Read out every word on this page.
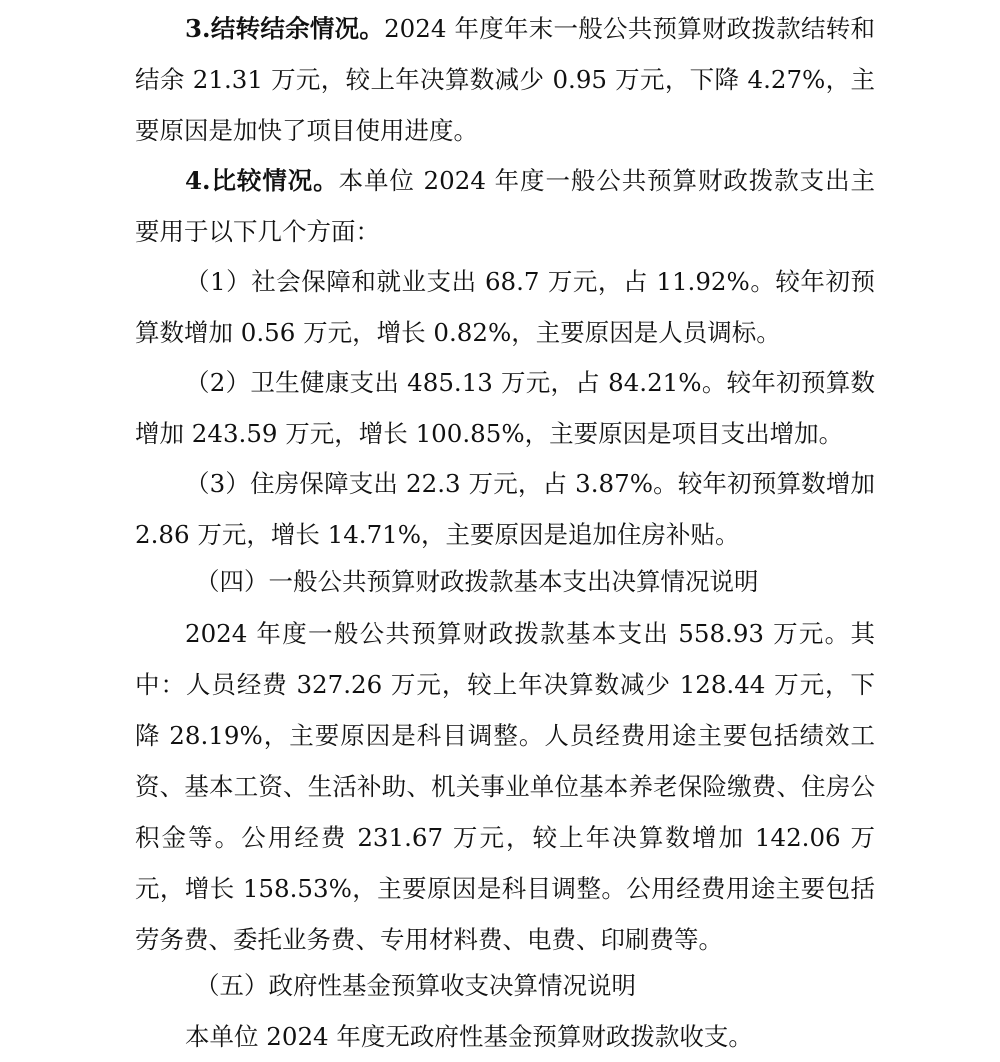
3.结转结余情况。2024 年度年末一般公共预算财政拨款结转和结余 21.31 万元，较上年决算数减少 0.95 万元，下降 4.27%，主要原因是加快了项目使用进度。

4.比较情况。本单位 2024 年度一般公共预算财政拨款支出主要用于以下几个方面：

（1）社会保障和就业支出 68.7 万元，占 11.92%。较年初预算数增加 0.56 万元，增长 0.82%，主要原因是人员调标。

（2）卫生健康支出 485.13 万元，占 84.21%。较年初预算数增加 243.59 万元，增长 100.85%，主要原因是项目支出增加。

（3）住房保障支出 22.3 万元，占 3.87%。较年初预算数增加 2.86 万元，增长 14.71%，主要原因是追加住房补贴。

（四）一般公共预算财政拨款基本支出决算情况说明

2024 年度一般公共预算财政拨款基本支出 558.93 万元。其中：人员经费 327.26 万元，较上年决算数减少 128.44 万元，下降 28.19%，主要原因是科目调整。人员经费用途主要包括绩效工资、基本工资、生活补助、机关事业单位基本养老保险缴费、住房公积金等。公用经费 231.67 万元，较上年决算数增加 142.06 万元，增长 158.53%，主要原因是科目调整。公用经费用途主要包括劳务费、委托业务费、专用材料费、电费、印刷费等。

（五）政府性基金预算收支决算情况说明

本单位 2024 年度无政府性基金预算财政拨款收支。
